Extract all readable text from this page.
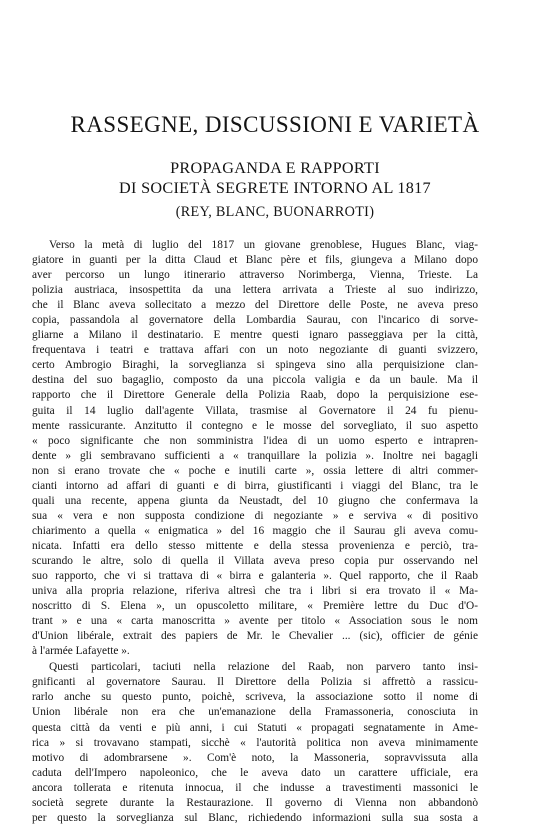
RASSEGNE, DISCUSSIONI E VARIETÀ
PROPAGANDA E RAPPORTI
DI SOCIETÀ SEGRETE INTORNO AL 1817
(REY, BLANC, BUONARROTI)
Verso la metà di luglio del 1817 un giovane grenoblese, Hugues Blanc, viag-
giatore in guanti per la ditta Claud et Blanc père et fils, giungeva a Milano dopo
aver percorso un lungo itinerario attraverso Norimberga, Vienna, Trieste. La
polizia austriaca, insospettita da una lettera arrivata a Trieste al suo indirizzo,
che il Blanc aveva sollecitato a mezzo del Direttore delle Poste, ne aveva preso
copia, passandola al governatore della Lombardia Saurau, con l'incarico di sorve-
gliarne a Milano il destinatario. E mentre questi ignaro passeggiava per la città,
frequentava i teatri e trattava affari con un noto negoziante di guanti svizzero,
certo Ambrogio Biraghi, la sorveglianza si spingeva sino alla perquisizione clan-
destina del suo bagaglio, composto da una piccola valigia e da un baule. Ma il
rapporto che il Direttore Generale della Polizia Raab, dopo la perquisizione ese-
guita il 14 luglio dall'agente Villata, trasmise al Governatore il 24 fu pienu-
mente rassicurante. Anzitutto il contegno e le mosse del sorvegliato, il suo aspetto
« poco significante che non somministra l'idea di un uomo esperto e intrapren-
dente » gli sembravano sufficienti a « tranquillare la polizia ». Inoltre nei bagagli
non si erano trovate che « poche e inutili carte », ossia lettere di altri commer-
cianti intorno ad affari di guanti e di birra, giustificanti i viaggi del Blanc, tra le
quali una recente, appena giunta da Neustadt, del 10 giugno che confermava la
sua « vera e non supposta condizione di negoziante » e serviva « di positivo
chiarimento a quella « enigmatica » del 16 maggio che il Saurau gli aveva comu-
nicata. Infatti era dello stesso mittente e della stessa provenienza e perciò, tra-
scurando le altre, solo di quella il Villata aveva preso copia pur osservando nel
suo rapporto, che vi si trattava di « birra e galanteria ». Quel rapporto, che il Raab
univa alla propria relazione, riferiva altresì che tra i libri si era trovato il « Ma-
noscritto di S. Elena », un opuscoletto militare, « Première lettre du Duc d'O-
trant » e una « carta manoscritta » avente per titolo « Association sous le nom
d'Union libérale, extrait des papiers de Mr. le Chevalier ... (sic), officier de génie
à l'armée Lafayette ».
Questi particolari, taciuti nella relazione del Raab, non parvero tanto insi-
gnificanti al governatore Saurau. Il Direttore della Polizia si affrettò a rassicu-
rarlo anche su questo punto, poichè, scriveva, la associazione sotto il nome di
Union libérale non era che un'emanazione della Framassoneria, conosciuta in
questa città da venti e più anni, i cui Statuti « propagati segnatamente in Ame-
rica » si trovavano stampati, sicchè « l'autorità politica non aveva minimamente
motivo di adombrarsene ». Com'è noto, la Massoneria, sopravvissuta alla
caduta dell'Impero napoleonico, che le aveva dato un carattere ufficiale, era
ancora tollerata e ritenuta innocua, il che indusse a travestimenti massonici le
società segrete durante la Restaurazione. Il governo di Vienna non abbandonò
per questo la sorveglianza sul Blanc, richiedendo informazioni sulla sua sosta a
